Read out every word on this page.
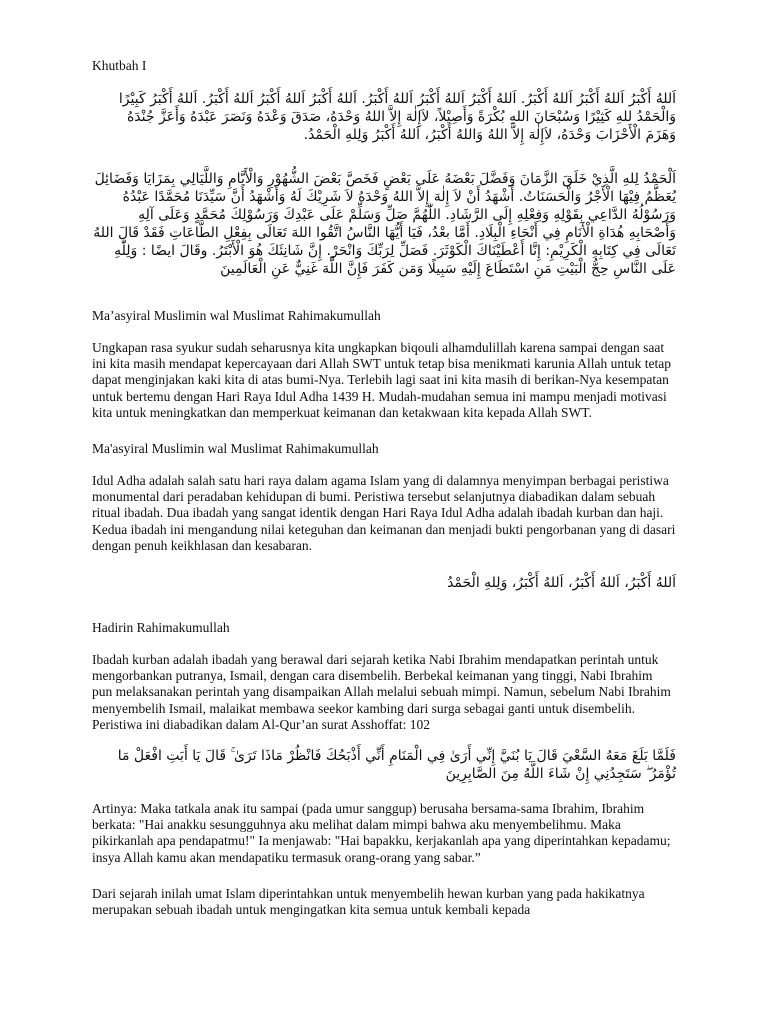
Khutbah I
اَللهُ أَكْبَرُ اَللهُ أَكْبَرُ اَللهُ أَكْبَرُ. اَللهُ أَكْبَرُ اَللهُ أَكْبَرُ اَللهُ أَكْبَرُ. اَللهُ أَكْبَرُ اَللهُ أَكْبَرُ اَللهُ أَكْبَرُ. اَللهُ أَكْبَرُ كَبِيْرًا وَالْحَمْدُ للهِ كَثِيْرًا وَسُبْحَانَ اللهِ بُكْرَةً وَأَصِيْلاً، لاَإِلٰهَ إِلاَّ اللهُ وَحْدَهُ، صَدَقَ وَعْدَهُ وَنَصَرَ عَبْدَهُ وَأَعَزَّ جُنْدَهُ وَهَزَمَ الْأَحْزَابَ وَحْدَهُ، لاَإِلٰهَ إِلاَّ اللهُ وَاللهُ أَكْبَرُ، اَللهُ أَكْبَرُ وَلِلهِ الْحَمْدُ.
اَلْحَمْدُ لِلهِ الَّذِيْ خَلَقَ الزَّمَانَ وَفَضَّلَ بَعْضَهُ عَلَى بَعْضٍ فَخَصَّ بَعْضَ الشُّهُوْرِ وَالْأَيَّامِ وَاللَّيَالِي بِمَزَايَا وَفَضَائِلَ يُعَظَّمُ فِيْهَا الْأَجْرُ وَالْحَسَنَاتُ. أَشْهَدُ أَنْ لاَ إِلٰهَ إِلاَّ اللهُ وَحْدَهُ لاَ شَرِيْكَ لَهُ وَأَشْهَدُ أَنَّ سَيِّدَنَا مُحَمَّدًا عَبْدُهُ وَرَسُوْلُهُ الدَّاعِي بِقَوْلِهِ وَفِعْلِهِ إِلَى الرَّشَادِ. اللّٰهُمَّ صَلِّ وَسَلِّمْ عَلَى عَبْدِكَ وَرَسُوْلِكَ مُحَمَّدٍ وَعَلَى آلِهِ وَأَصْحَابِهِ هُدَاةِ الْأَنَامِ فِي أَنْحَاءِ الْبِلَادِ. أَمَّا بعْدُ، فَيَا أَيُّهَا النَّاسُ اتَّقُوا اللهَ تَعَالَى بِفِعْلِ الطَّاعَاتِ فَقَدْ قَالَ اللهُ تَعَالَى فِي كِتَابِهِ الْكَرِيْمِ: إِنَّا أَعْطَيْنَاكَ الْكَوْثَرَ. فَصَلِّ لِرَبِّكَ وَانْحَرْ. إِنَّ شَانِئَكَ هُوَ الْأَبْتَرُ. وقَالَ ايضًا : وَلِلّٰهِ عَلَى النَّاسِ حِجُّ الْبَيْتِ مَنِ اسْتَطَاعَ إِلَيْهِ سَبِيلًا وَمَن كَفَرَ فَإِنَّ اللَّهَ غَنِيٌّ عَنِ الْعَالَمِينَ
Ma’asyiral Muslimin wal Muslimat Rahimakumullah
Ungkapan rasa syukur sudah seharusnya kita ungkapkan biqouli alhamdulillah karena sampai dengan saat ini kita masih mendapat kepercayaan dari Allah SWT untuk tetap bisa menikmati karunia Allah untuk tetap dapat menginjakan kaki kita di atas bumi-Nya. Terlebih lagi saat ini kita masih di berikan-Nya kesempatan untuk bertemu dengan Hari Raya Idul Adha 1439 H. Mudah-mudahan semua ini mampu menjadi motivasi kita untuk meningkatkan dan memperkuat keimanan dan ketakwaan kita kepada Allah SWT.
Ma'asyiral Muslimin wal Muslimat Rahimakumullah
Idul Adha adalah salah satu hari raya dalam agama Islam yang di dalamnya menyimpan berbagai peristiwa monumental dari peradaban kehidupan di bumi. Peristiwa tersebut selanjutnya diabadikan dalam sebuah ritual ibadah. Dua ibadah yang sangat identik dengan Hari Raya Idul Adha adalah ibadah kurban dan haji. Kedua ibadah ini mengandung nilai keteguhan dan keimanan dan menjadi bukti pengorbanan yang di dasari dengan penuh keikhlasan dan kesabaran.
اَللهُ أَكْبَرُ، اَللهُ أَكْبَرُ، اَللهُ أَكْبَرُ، وَلِلهِ الْحَمْدُ
Hadirin Rahimakumullah
Ibadah kurban adalah ibadah yang berawal dari sejarah ketika Nabi Ibrahim mendapatkan perintah untuk mengorbankan putranya, Ismail, dengan cara disembelih. Berbekal keimanan yang tinggi, Nabi Ibrahim pun melaksanakan perintah yang disampaikan Allah melalui sebuah mimpi. Namun, sebelum Nabi Ibrahim menyembelih Ismail, malaikat membawa seekor kambing dari surga sebagai ganti untuk disembelih. Peristiwa ini diabadikan dalam Al-Qur’an surat Asshoffat: 102
فَلَمَّا بَلَغَ مَعَهُ السَّعْيَ قَالَ يَا بُنَيَّ إِنِّي أَرَىٰ فِي الْمَنَامِ أَنِّي أَذْبَحُكَ فَانْظُرْ مَاذَا تَرَىٰ ۚ قَالَ يَا أَبَتِ افْعَلْ مَا تُؤْمَرُ ۖ سَتَجِدُنِي إِنْ شَاءَ اللَّهُ مِنَ الصَّابِرِينَ
Artinya: Maka tatkala anak itu sampai (pada umur sanggup) berusaha bersama-sama Ibrahim, Ibrahim berkata: "Hai anakku sesungguhnya aku melihat dalam mimpi bahwa aku menyembelihmu. Maka pikirkanlah apa pendapatmu!" Ia menjawab: "Hai bapakku, kerjakanlah apa yang diperintahkan kepadamu; insya Allah kamu akan mendapatiku termasuk orang-orang yang sabar.”
Dari sejarah inilah umat Islam diperintahkan untuk menyembelih hewan kurban yang pada hakikatnya merupakan sebuah ibadah untuk mengingatkan kita semua untuk kembali kepada
